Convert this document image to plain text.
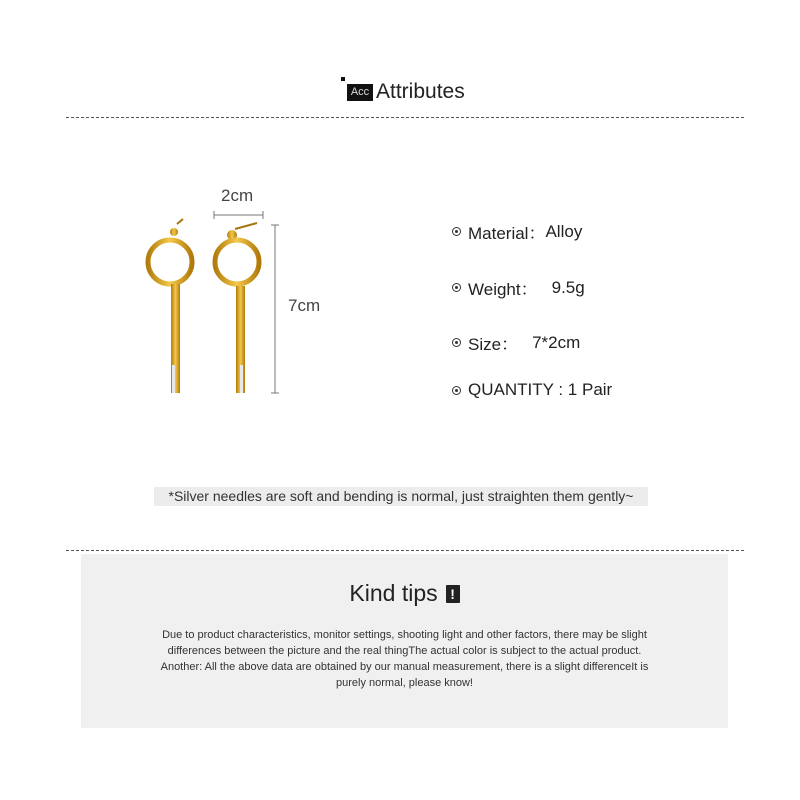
Acc Attributes
2cm
7cm
Material： Alloy
Weight： 9.5g
Size： 7*2cm
QUANTITY : 1 Pair
*Silver needles are soft and bending is normal, just straighten them gently~
Kind tips !
Due to product characteristics, monitor settings, shooting light and other factors, there may be slight
differences between the picture and the real thingThe actual color is subject to the actual product.
Another: All the above data are obtained by our manual measurement, there is a slight differenceIt is
purely normal, please know!
